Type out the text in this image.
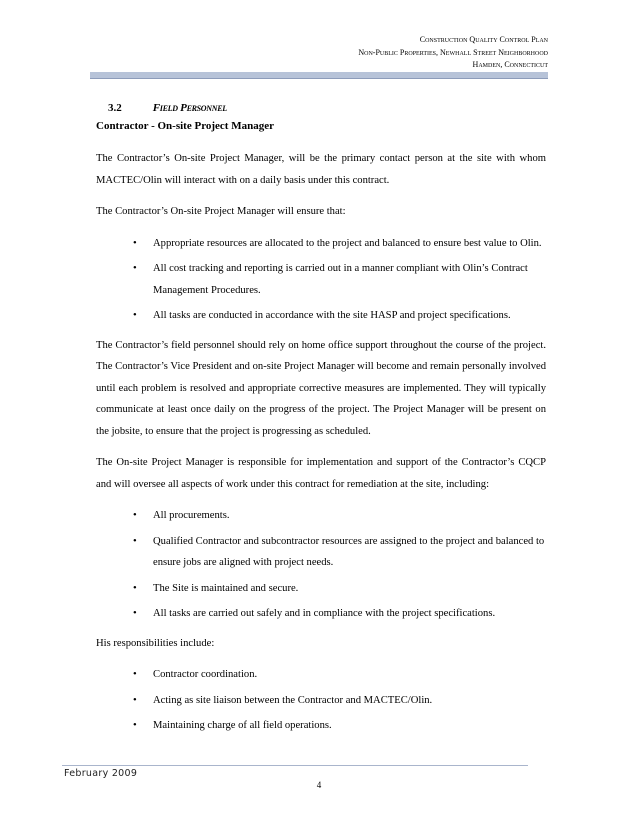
Construction Quality Control Plan
Non-Public Properties, Newhall Street Neighborhood
Hamden, Connecticut
3.2	Field Personnel
Contractor - On-site Project Manager

The Contractor’s On-site Project Manager, will be the primary contact person at the site with whom MACTEC/Olin will interact with on a daily basis under this contract.

The Contractor’s On-site Project Manager will ensure that:

• Appropriate resources are allocated to the project and balanced to ensure best value to Olin.
• All cost tracking and reporting is carried out in a manner compliant with Olin’s Contract Management Procedures.
• All tasks are conducted in accordance with the site HASP and project specifications.

The Contractor’s field personnel should rely on home office support throughout the course of the project. The Contractor’s Vice President and on-site Project Manager will become and remain personally involved until each problem is resolved and appropriate corrective measures are implemented. They will typically communicate at least once daily on the progress of the project. The Project Manager will be present on the jobsite, to ensure that the project is progressing as scheduled.

The On-site Project Manager is responsible for implementation and support of the Contractor’s CQCP and will oversee all aspects of work under this contract for remediation at the site, including:

• All procurements.
• Qualified Contractor and subcontractor resources are assigned to the project and balanced to ensure jobs are aligned with project needs.
• The Site is maintained and secure.
• All tasks are carried out safely and in compliance with the project specifications.

His responsibilities include:

• Contractor coordination.
• Acting as site liaison between the Contractor and MACTEC/Olin.
• Maintaining charge of all field operations.
February 2009
4
